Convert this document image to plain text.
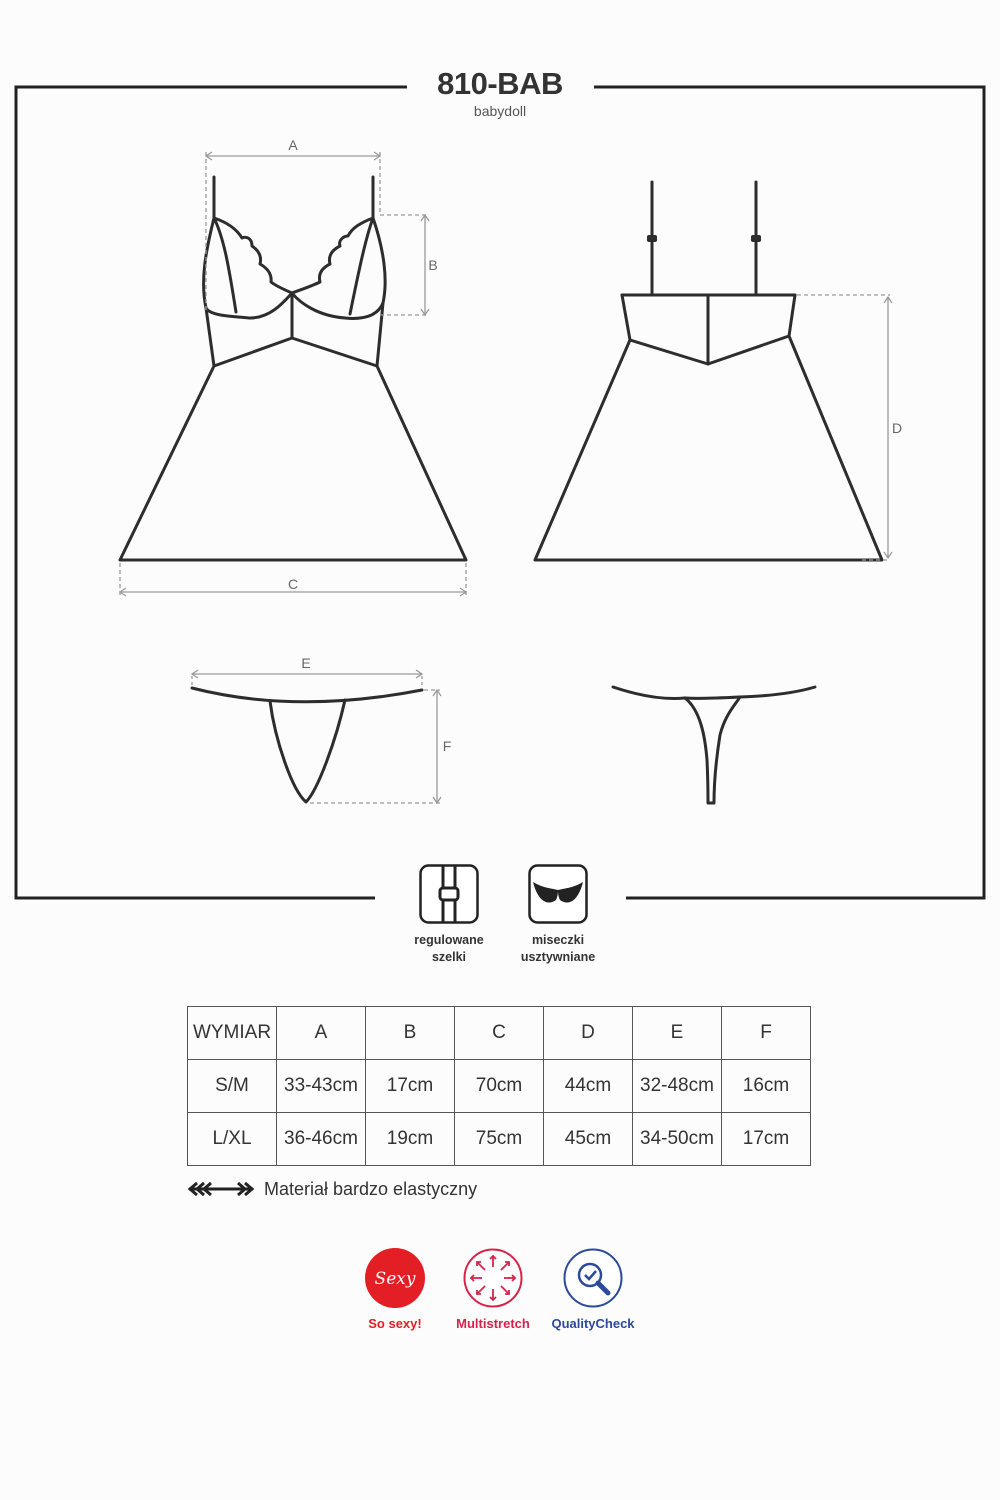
810-BAB
babydoll
A
B
C
D
E
F
regulowane
szelki
miseczki
usztywniane
WYMIAR	A	B	C	D	E	F
S/M	33-43cm	17cm	70cm	44cm	32-48cm	16cm
L/XL	36-46cm	19cm	75cm	45cm	34-50cm	17cm
Materiał bardzo elastyczny
Sexy
So sexy!	Multistretch	QualityCheck
